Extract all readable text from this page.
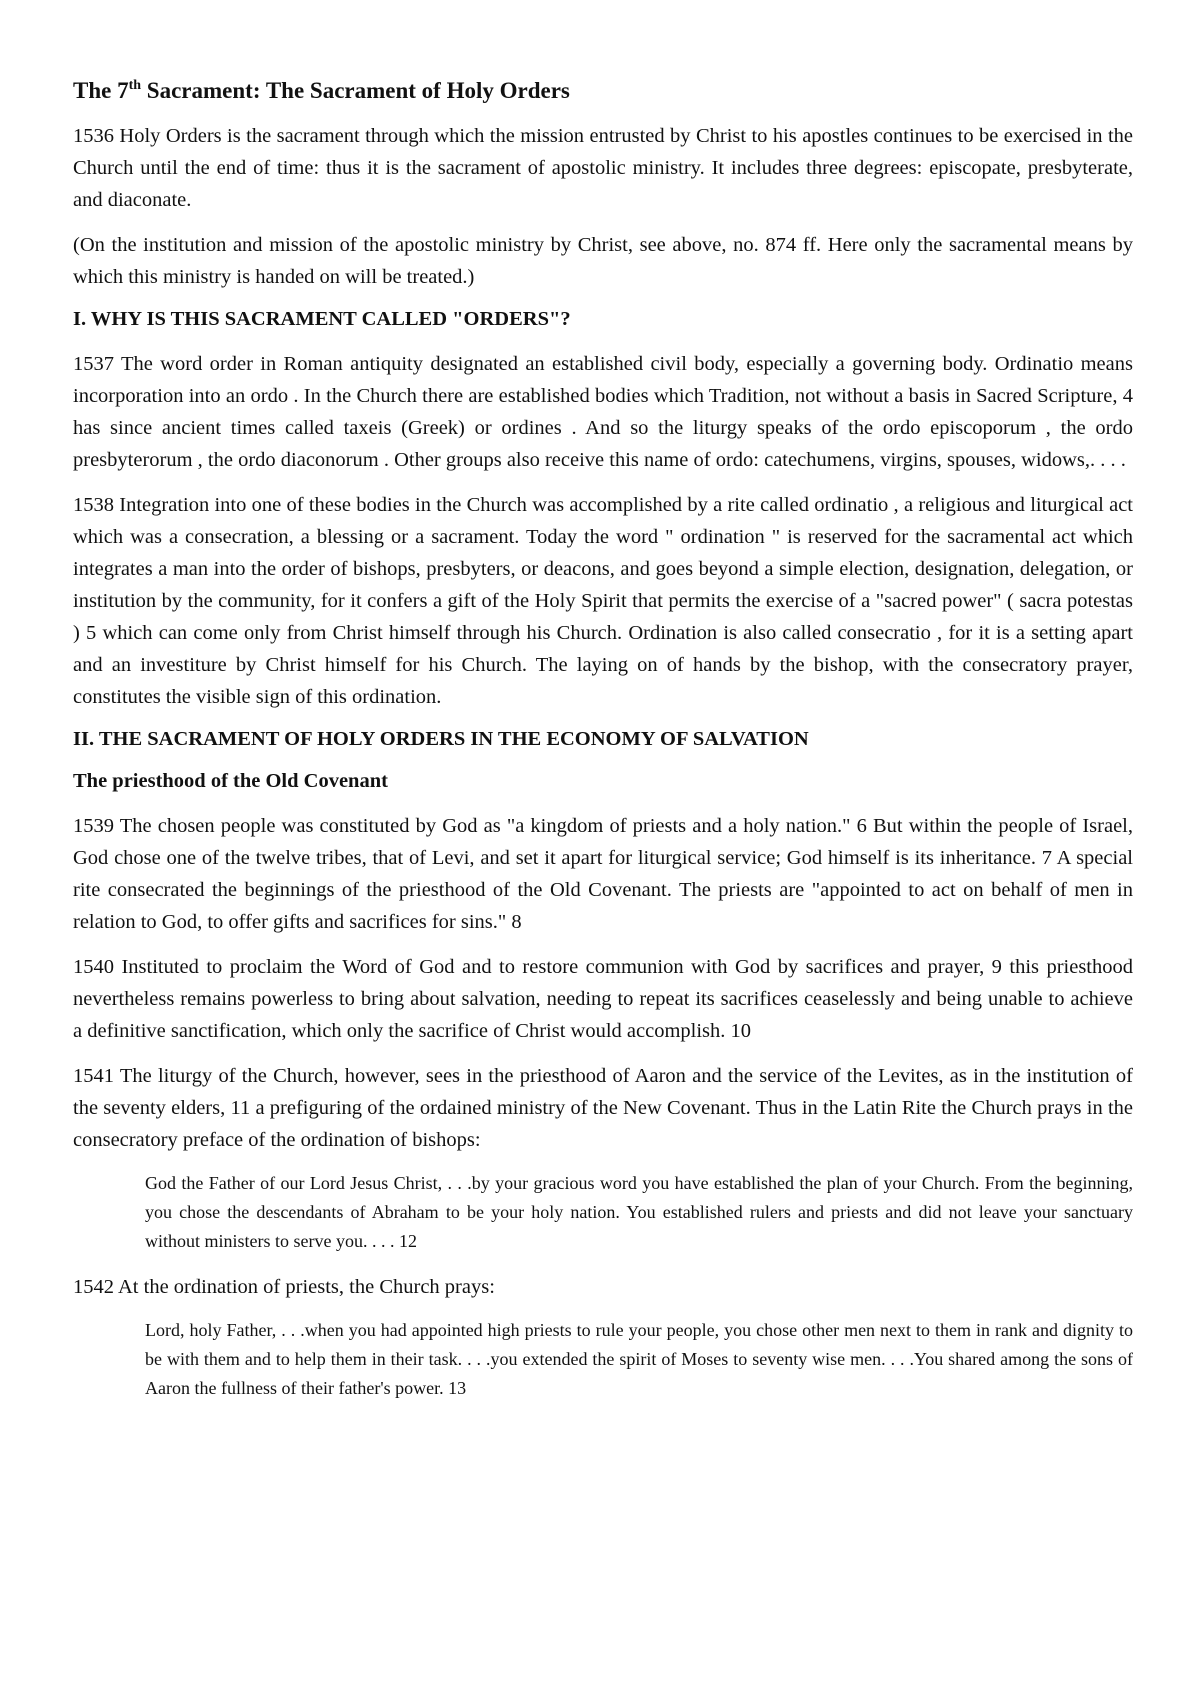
The 7th Sacrament: The Sacrament of Holy Orders

1536 Holy Orders is the sacrament through which the mission entrusted by Christ to his apostles continues to be exercised in the Church until the end of time: thus it is the sacrament of apostolic ministry. It includes three degrees: episcopate, presbyterate, and diaconate.

(On the institution and mission of the apostolic ministry by Christ, see above, no. 874 ff. Here only the sacramental means by which this ministry is handed on will be treated.)

I. WHY IS THIS SACRAMENT CALLED "ORDERS"?

1537 The word order in Roman antiquity designated an established civil body, especially a governing body. Ordinatio means incorporation into an ordo . In the Church there are established bodies which Tradition, not without a basis in Sacred Scripture, 4 has since ancient times called taxeis (Greek) or ordines . And so the liturgy speaks of the ordo episcoporum , the ordo presbyterorum , the ordo diaconorum . Other groups also receive this name of ordo: catechumens, virgins, spouses, widows,. . . .

1538 Integration into one of these bodies in the Church was accomplished by a rite called ordinatio , a religious and liturgical act which was a consecration, a blessing or a sacrament. Today the word " ordination " is reserved for the sacramental act which integrates a man into the order of bishops, presbyters, or deacons, and goes beyond a simple election, designation, delegation, or institution by the community, for it confers a gift of the Holy Spirit that permits the exercise of a "sacred power" ( sacra potestas ) 5 which can come only from Christ himself through his Church. Ordination is also called consecratio , for it is a setting apart and an investiture by Christ himself for his Church. The laying on of hands by the bishop, with the consecratory prayer, constitutes the visible sign of this ordination.

II. THE SACRAMENT OF HOLY ORDERS IN THE ECONOMY OF SALVATION
The priesthood of the Old Covenant

1539 The chosen people was constituted by God as "a kingdom of priests and a holy nation." 6 But within the people of Israel, God chose one of the twelve tribes, that of Levi, and set it apart for liturgical service; God himself is its inheritance. 7 A special rite consecrated the beginnings of the priesthood of the Old Covenant. The priests are "appointed to act on behalf of men in relation to God, to offer gifts and sacrifices for sins." 8

1540 Instituted to proclaim the Word of God and to restore communion with God by sacrifices and prayer, 9 this priesthood nevertheless remains powerless to bring about salvation, needing to repeat its sacrifices ceaselessly and being unable to achieve a definitive sanctification, which only the sacrifice of Christ would accomplish. 10

1541 The liturgy of the Church, however, sees in the priesthood of Aaron and the service of the Levites, as in the institution of the seventy elders, 11 a prefiguring of the ordained ministry of the New Covenant. Thus in the Latin Rite the Church prays in the consecratory preface of the ordination of bishops:

God the Father of our Lord Jesus Christ, . . .by your gracious word you have established the plan of your Church. From the beginning, you chose the descendants of Abraham to be your holy nation. You established rulers and priests and did not leave your sanctuary without ministers to serve you. . . . 12

1542 At the ordination of priests, the Church prays:

Lord, holy Father, . . .when you had appointed high priests to rule your people, you chose other men next to them in rank and dignity to be with them and to help them in their task. . . .you extended the spirit of Moses to seventy wise men. . . .You shared among the sons of Aaron the fullness of their father's power. 13
